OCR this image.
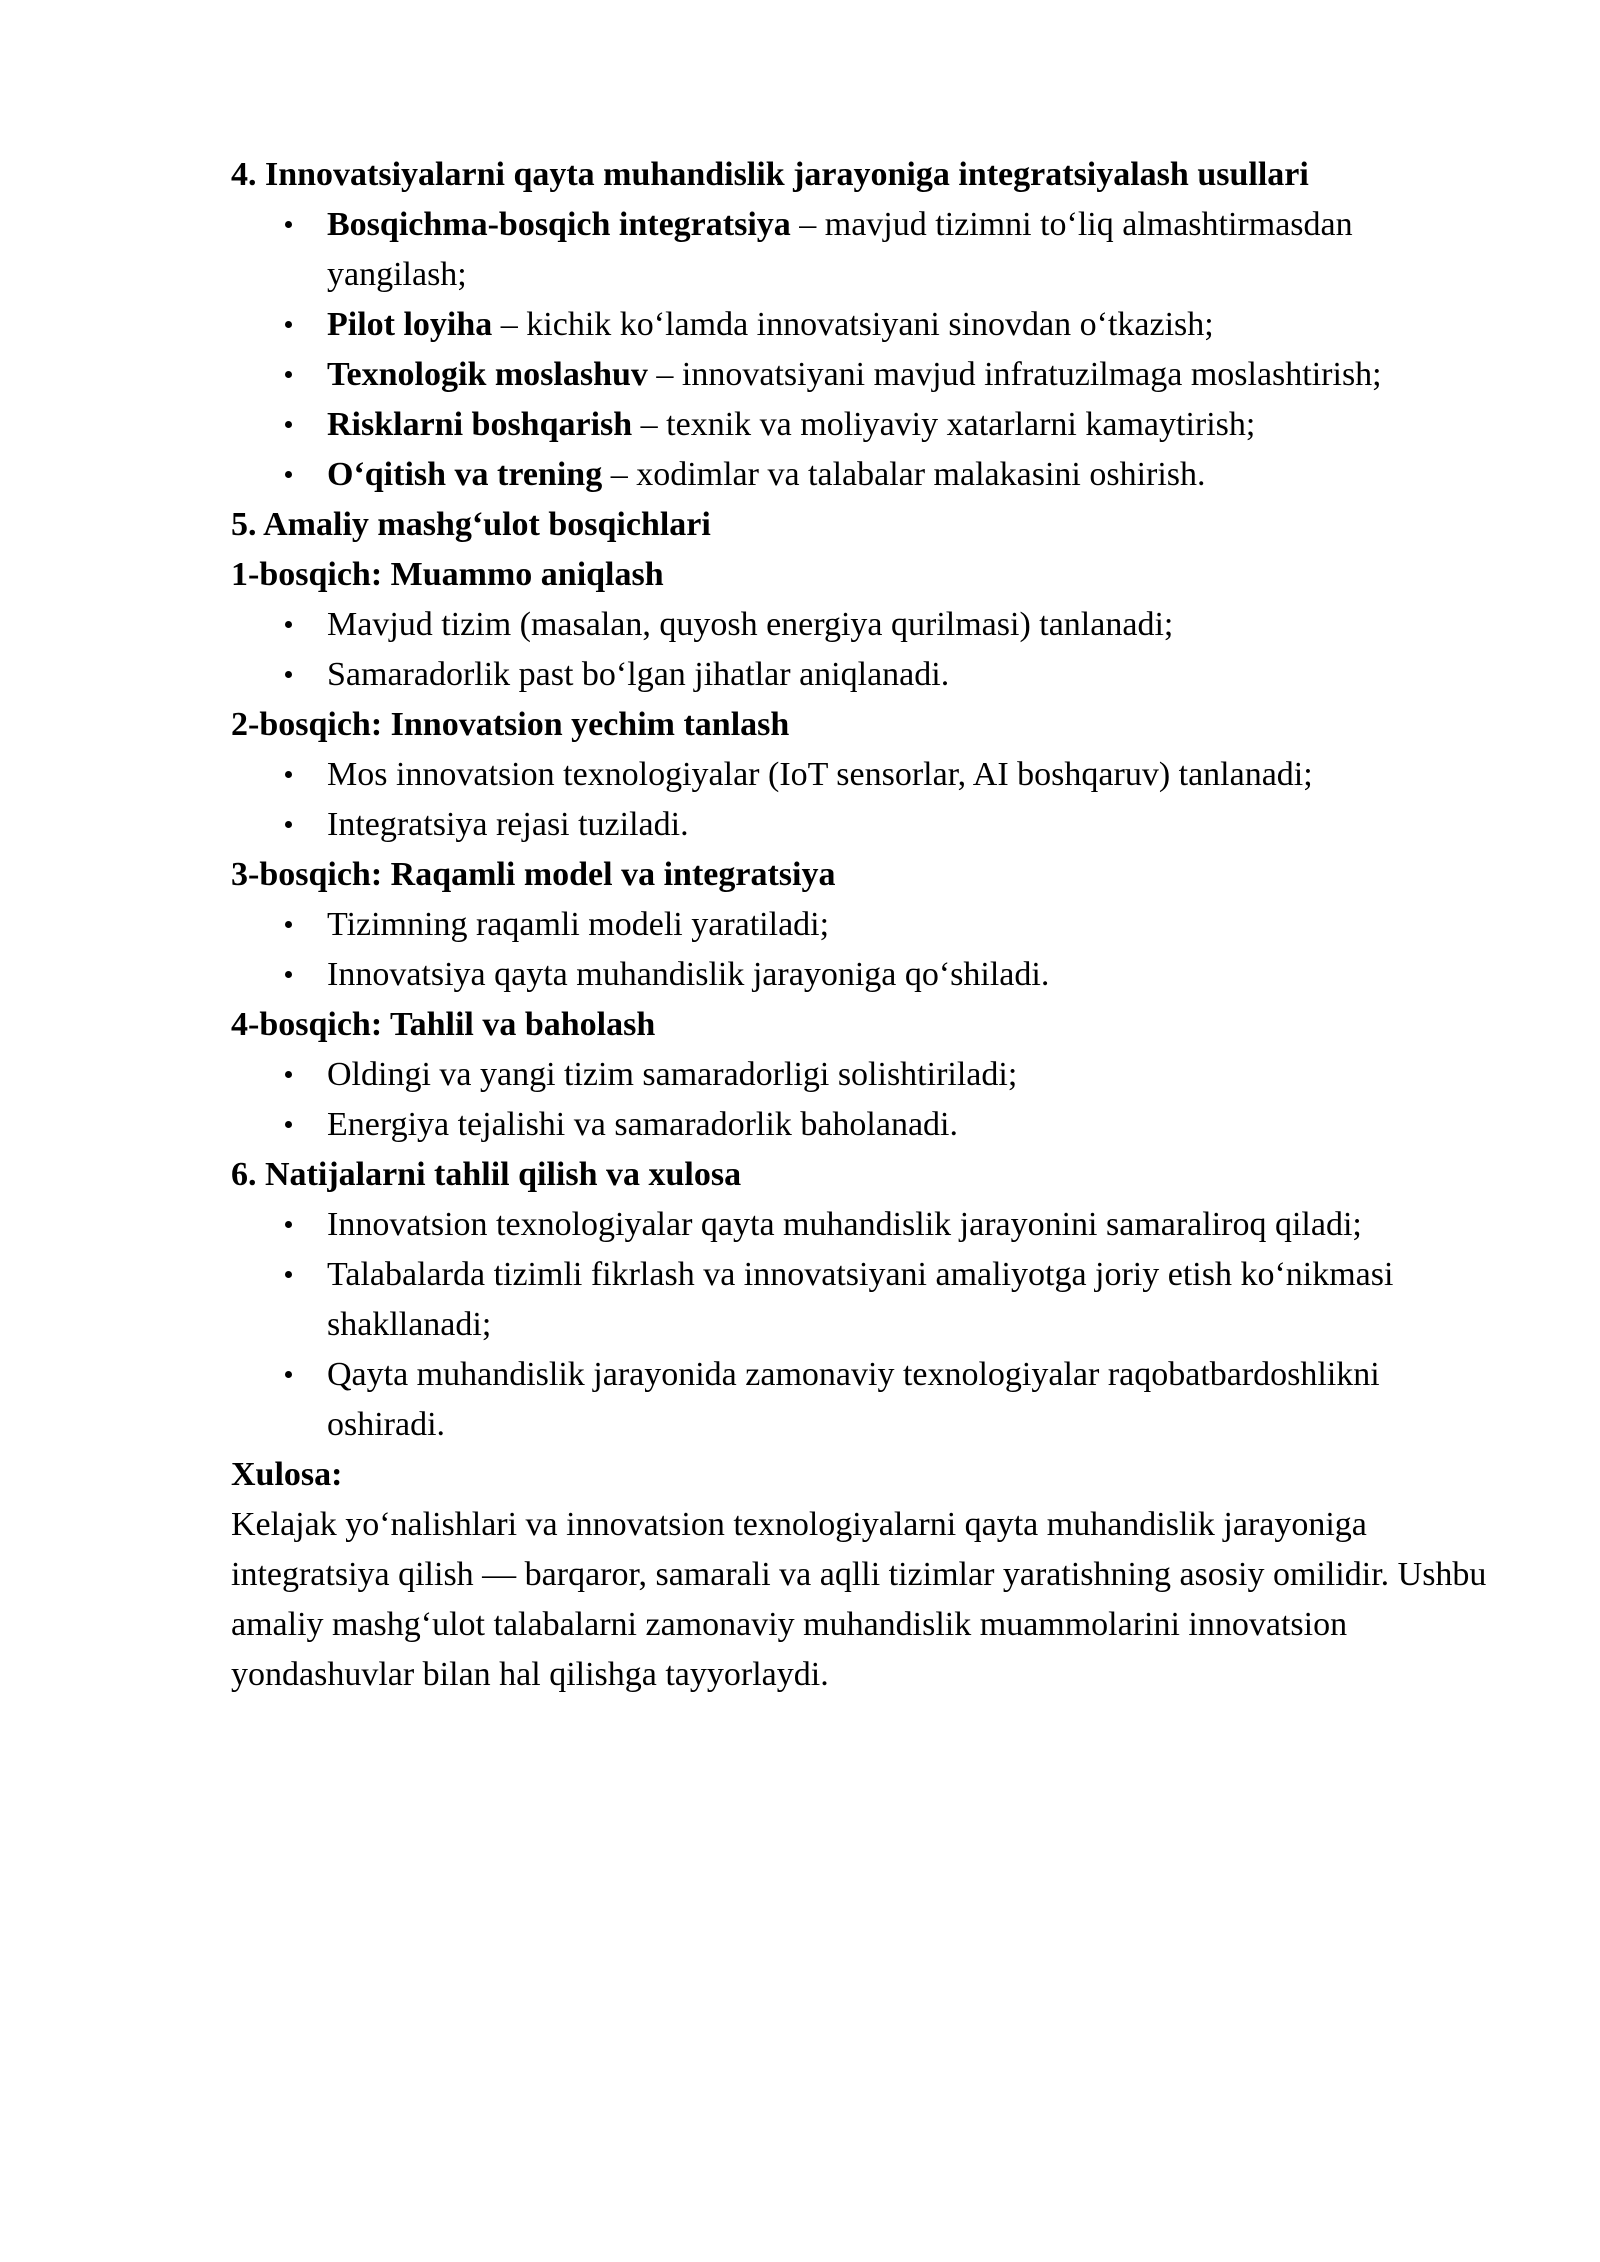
4. Innovatsiyalarni qayta muhandislik jarayoniga integratsiyalash usullari

Bosqichma-bosqich integratsiya – mavjud tizimni to‘liq almashtirmasdan yangilash;
Pilot loyiha – kichik ko‘lamda innovatsiyani sinovdan o‘tkazish;
Texnologik moslashuv – innovatsiyani mavjud infratuzilmaga moslashtirish;
Risklarni boshqarish – texnik va moliyaviy xatarlarni kamaytirish;
O‘qitish va trening – xodimlar va talabalar malakasini oshirish.

5. Amaliy mashg‘ulot bosqichlari

1-bosqich: Muammo aniqlash

Mavjud tizim (masalan, quyosh energiya qurilmasi) tanlanadi;
Samaradorlik past bo‘lgan jihatlar aniqlanadi.

2-bosqich: Innovatsion yechim tanlash

Mos innovatsion texnologiyalar (IoT sensorlar, AI boshqaruv) tanlanadi;
Integratsiya rejasi tuziladi.

3-bosqich: Raqamli model va integratsiya

Tizimning raqamli modeli yaratiladi;
Innovatsiya qayta muhandislik jarayoniga qo‘shiladi.

4-bosqich: Tahlil va baholash

Oldingi va yangi tizim samaradorligi solishtiriladi;
Energiya tejalishi va samaradorlik baholanadi.

6. Natijalarni tahlil qilish va xulosa

Innovatsion texnologiyalar qayta muhandislik jarayonini samaraliroq qiladi;
Talabalarda tizimli fikrlash va innovatsiyani amaliyotga joriy etish ko‘nikmasi shakllanadi;
Qayta muhandislik jarayonida zamonaviy texnologiyalar raqobatbardoshlikni oshiradi.

Xulosa:

Kelajak yo‘nalishlari va innovatsion texnologiyalarni qayta muhandislik jarayoniga integratsiya qilish — barqaror, samarali va aqlli tizimlar yaratishning asosiy omilidir. Ushbu amaliy mashg‘ulot talabalarni zamonaviy muhandislik muammolarini innovatsion yondashuvlar bilan hal qilishga tayyorlaydi.
